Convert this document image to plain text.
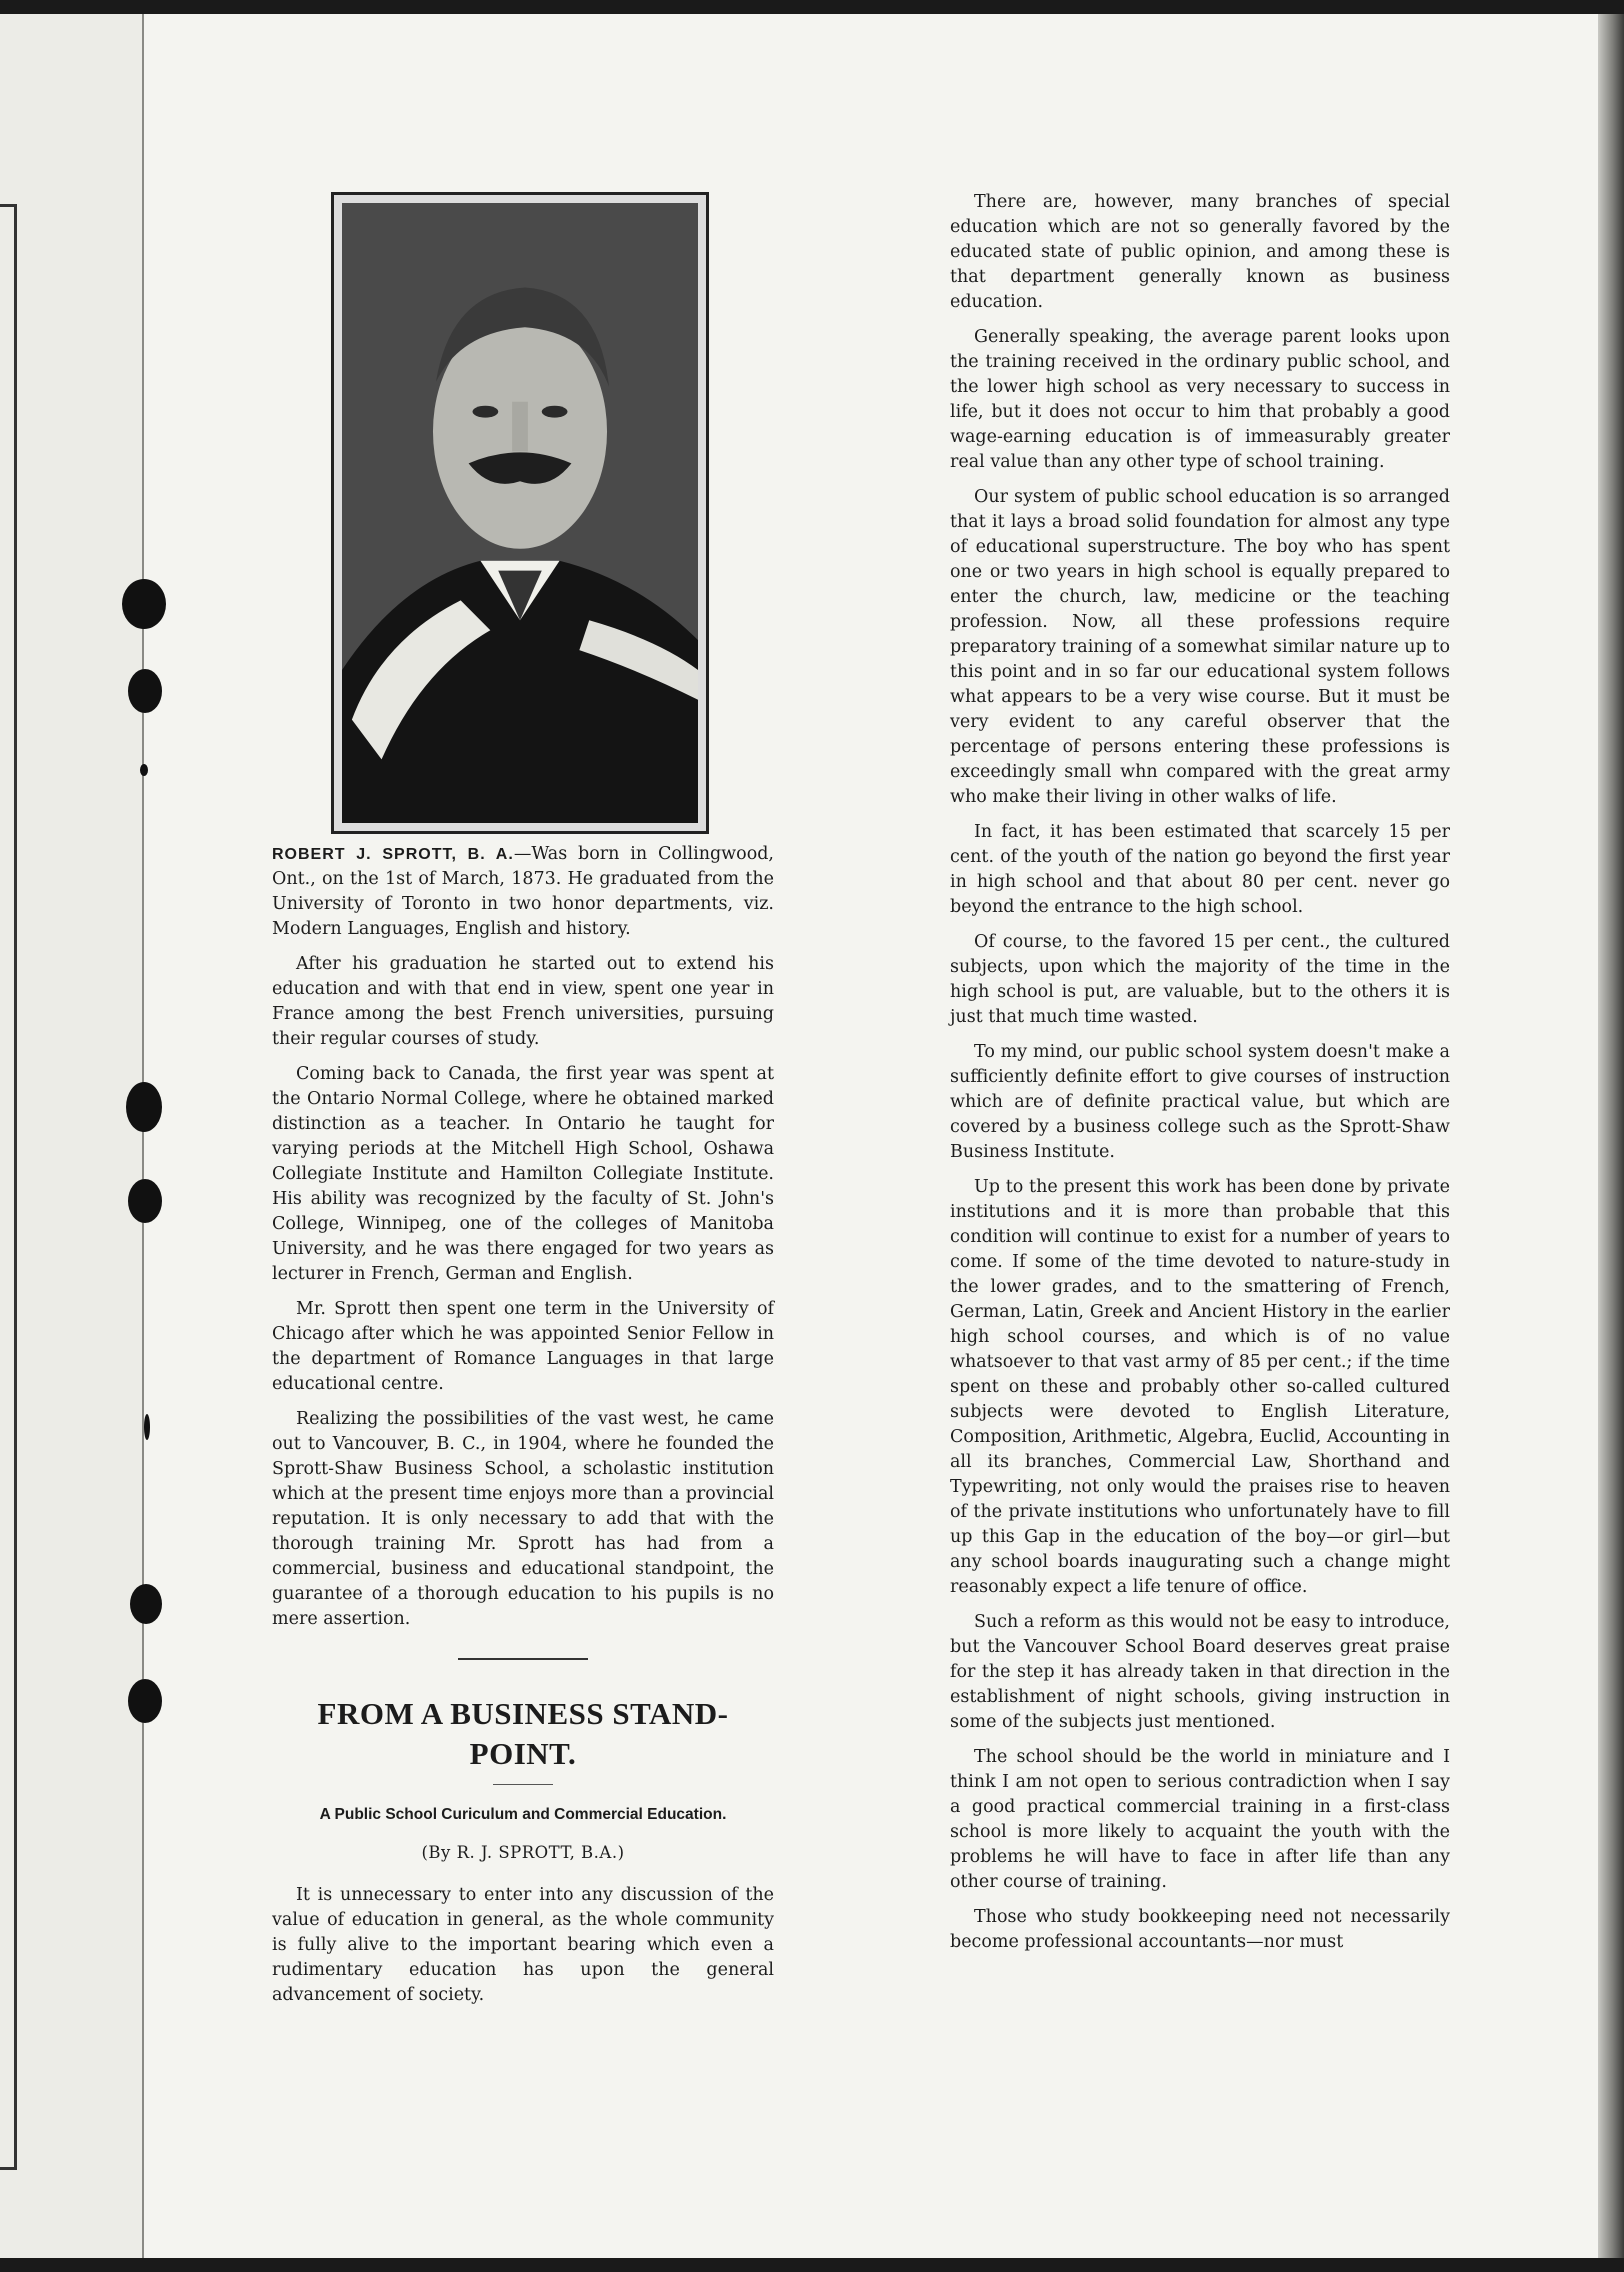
ROBERT J. SPROTT, B. A.—Was born in Collingwood, Ont., on the 1st of March, 1873. He graduated from the University of Toronto in two honor departments, viz. Modern Languages, English and history.

After his graduation he started out to extend his education and with that end in view, spent one year in France among the best French universities, pursuing their regular courses of study.

Coming back to Canada, the first year was spent at the Ontario Normal College, where he obtained marked distinction as a teacher. In Ontario he taught for varying periods at the Mitchell High School, Oshawa Collegiate Institute and Hamilton Collegiate Institute. His ability was recognized by the faculty of St. John's College, Winnipeg, one of the colleges of Manitoba University, and he was there engaged for two years as lecturer in French, German and English.

Mr. Sprott then spent one term in the University of Chicago after which he was appointed Senior Fellow in the department of Romance Languages in that large educational centre.

Realizing the possibilities of the vast west, he came out to Vancouver, B. C., in 1904, where he founded the Sprott-Shaw Business School, a scholastic institution which at the present time enjoys more than a provincial reputation. It is only necessary to add that with the thorough training Mr. Sprott has had from a commercial, business and educational standpoint, the guarantee of a thorough education to his pupils is no mere assertion.

FROM A BUSINESS STAND-POINT.
A Public School Curiculum and Commercial Education.
(By R. J. SPROTT, B.A.)

It is unnecessary to enter into any discussion of the value of education in general, as the whole community is fully alive to the important bearing which even a rudimentary education has upon the general advancement of society.

There are, however, many branches of special education which are not so generally favored by the educated state of public opinion, and among these is that department generally known as business education.

Generally speaking, the average parent looks upon the training received in the ordinary public school, and the lower high school as very necessary to success in life, but it does not occur to him that probably a good wage-earning education is of immeasurably greater real value than any other type of school training.

Our system of public school education is so arranged that it lays a broad solid foundation for almost any type of educational superstructure. The boy who has spent one or two years in high school is equally prepared to enter the church, law, medicine or the teaching profession. Now, all these professions require preparatory training of a somewhat similar nature up to this point and in so far our educational system follows what appears to be a very wise course. But it must be very evident to any careful observer that the percentage of persons entering these professions is exceedingly small whn compared with the great army who make their living in other walks of life.

In fact, it has been estimated that scarcely 15 per cent. of the youth of the nation go beyond the first year in high school and that about 80 per cent. never go beyond the entrance to the high school.

Of course, to the favored 15 per cent., the cultured subjects, upon which the majority of the time in the high school is put, are valuable, but to the others it is just that much time wasted.

To my mind, our public school system doesn't make a sufficiently definite effort to give courses of instruction which are of definite practical value, but which are covered by a business college such as the Sprott-Shaw Business Institute.

Up to the present this work has been done by private institutions and it is more than probable that this condition will continue to exist for a number of years to come. If some of the time devoted to nature-study in the lower grades, and to the smattering of French, German, Latin, Greek and Ancient History in the earlier high school courses, and which is of no value whatsoever to that vast army of 85 per cent.; if the time spent on these and probably other so-called cultured subjects were devoted to English Literature, Composition, Arithmetic, Algebra, Euclid, Accounting in all its branches, Commercial Law, Shorthand and Typewriting, not only would the praises rise to heaven of the private institutions who unfortunately have to fill up this Gap in the education of the boy—or girl—but any school boards inaugurating such a change might reasonably expect a life tenure of office.

Such a reform as this would not be easy to introduce, but the Vancouver School Board deserves great praise for the step it has already taken in that direction in the establishment of night schools, giving instruction in some of the subjects just mentioned.

The school should be the world in miniature and I think I am not open to serious contradiction when I say a good practical commercial training in a first-class school is more likely to acquaint the youth with the problems he will have to face in after life than any other course of training.

Those who study bookkeeping need not necessarily become professional accountants—nor must
